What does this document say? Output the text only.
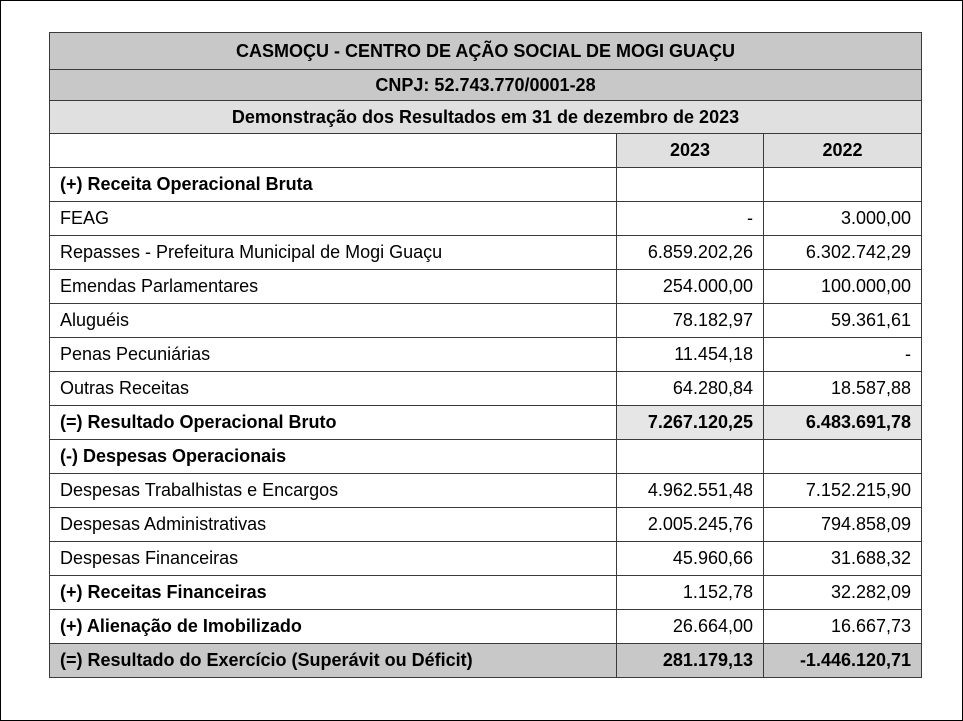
CASMOÇU - CENTRO DE AÇÃO SOCIAL DE MOGI GUAÇU		
CNPJ: 52.743.770/0001-28		
Demonstração dos Resultados em 31 de dezembro de 2023		
	2023	2022
(+) Receita Operacional Bruta		
FEAG	-	3.000,00
Repasses - Prefeitura Municipal de Mogi Guaçu	6.859.202,26	6.302.742,29
Emendas Parlamentares	254.000,00	100.000,00
Aluguéis	78.182,97	59.361,61
Penas Pecuniárias	11.454,18	-
Outras Receitas	64.280,84	18.587,88
(=) Resultado Operacional Bruto	7.267.120,25	6.483.691,78
(-) Despesas Operacionais		
Despesas Trabalhistas e Encargos	4.962.551,48	7.152.215,90
Despesas Administrativas	2.005.245,76	794.858,09
Despesas Financeiras	45.960,66	31.688,32
(+) Receitas Financeiras	1.152,78	32.282,09
(+) Alienação de Imobilizado	26.664,00	16.667,73
(=) Resultado do Exercício (Superávit ou Déficit)	281.179,13	-1.446.120,71
